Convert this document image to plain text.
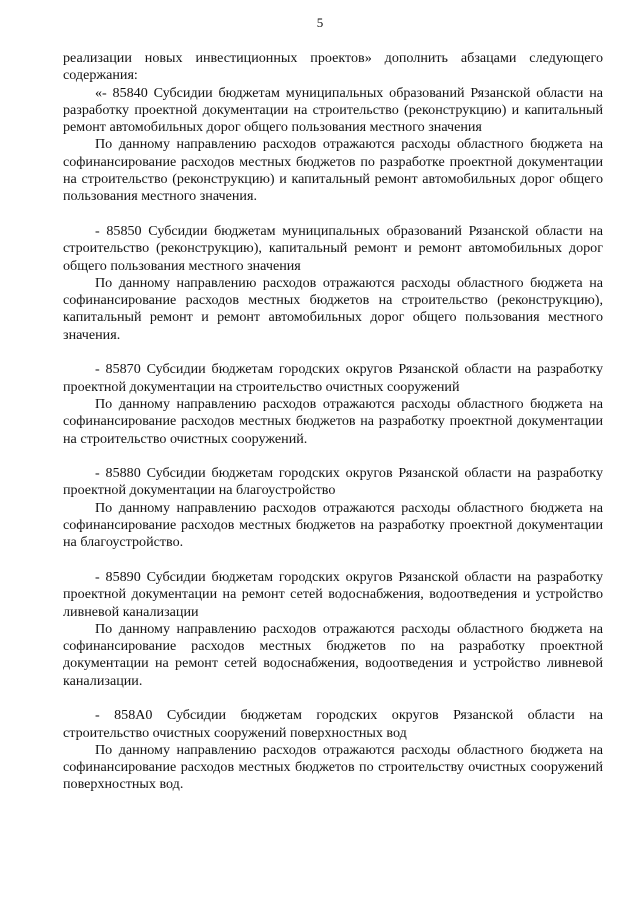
5

реализации новых инвестиционных проектов» дополнить абзацами следующего содержания:

«- 85840 Субсидии бюджетам муниципальных образований Рязанской области на разработку проектной документации на строительство (реконструкцию) и капитальный ремонт автомобильных дорог общего пользования местного значения

По данному направлению расходов отражаются расходы областного бюджета на софинансирование расходов местных бюджетов по разработке проектной документации на строительство (реконструкцию) и капитальный ремонт автомобильных дорог общего пользования местного значения.

- 85850 Субсидии бюджетам муниципальных образований Рязанской области на строительство (реконструкцию), капитальный ремонт и ремонт автомобильных дорог общего пользования местного значения

По данному направлению расходов отражаются расходы областного бюджета на софинансирование расходов местных бюджетов на строительство (реконструкцию), капитальный ремонт и ремонт автомобильных дорог общего пользования местного значения.

- 85870 Субсидии бюджетам городских округов Рязанской области на разработку проектной документации на строительство очистных сооружений

По данному направлению расходов отражаются расходы областного бюджета на софинансирование расходов местных бюджетов на разработку проектной документации на строительство очистных сооружений.

- 85880 Субсидии бюджетам городских округов Рязанской области на разработку проектной документации на благоустройство

По данному направлению расходов отражаются расходы областного бюджета на софинансирование расходов местных бюджетов на разработку проектной документации на благоустройство.

- 85890 Субсидии бюджетам городских округов Рязанской области на разработку проектной документации на ремонт сетей водоснабжения, водоотведения и устройство ливневой канализации

По данному направлению расходов отражаются расходы областного бюджета на софинансирование расходов местных бюджетов по на разработку проектной документации на ремонт сетей водоснабжения, водоотведения и устройство ливневой канализации.

- 858А0 Субсидии бюджетам городских округов Рязанской области на строительство очистных сооружений поверхностных вод

По данному направлению расходов отражаются расходы областного бюджета на софинансирование расходов местных бюджетов по строительству очистных сооружений поверхностных вод.
